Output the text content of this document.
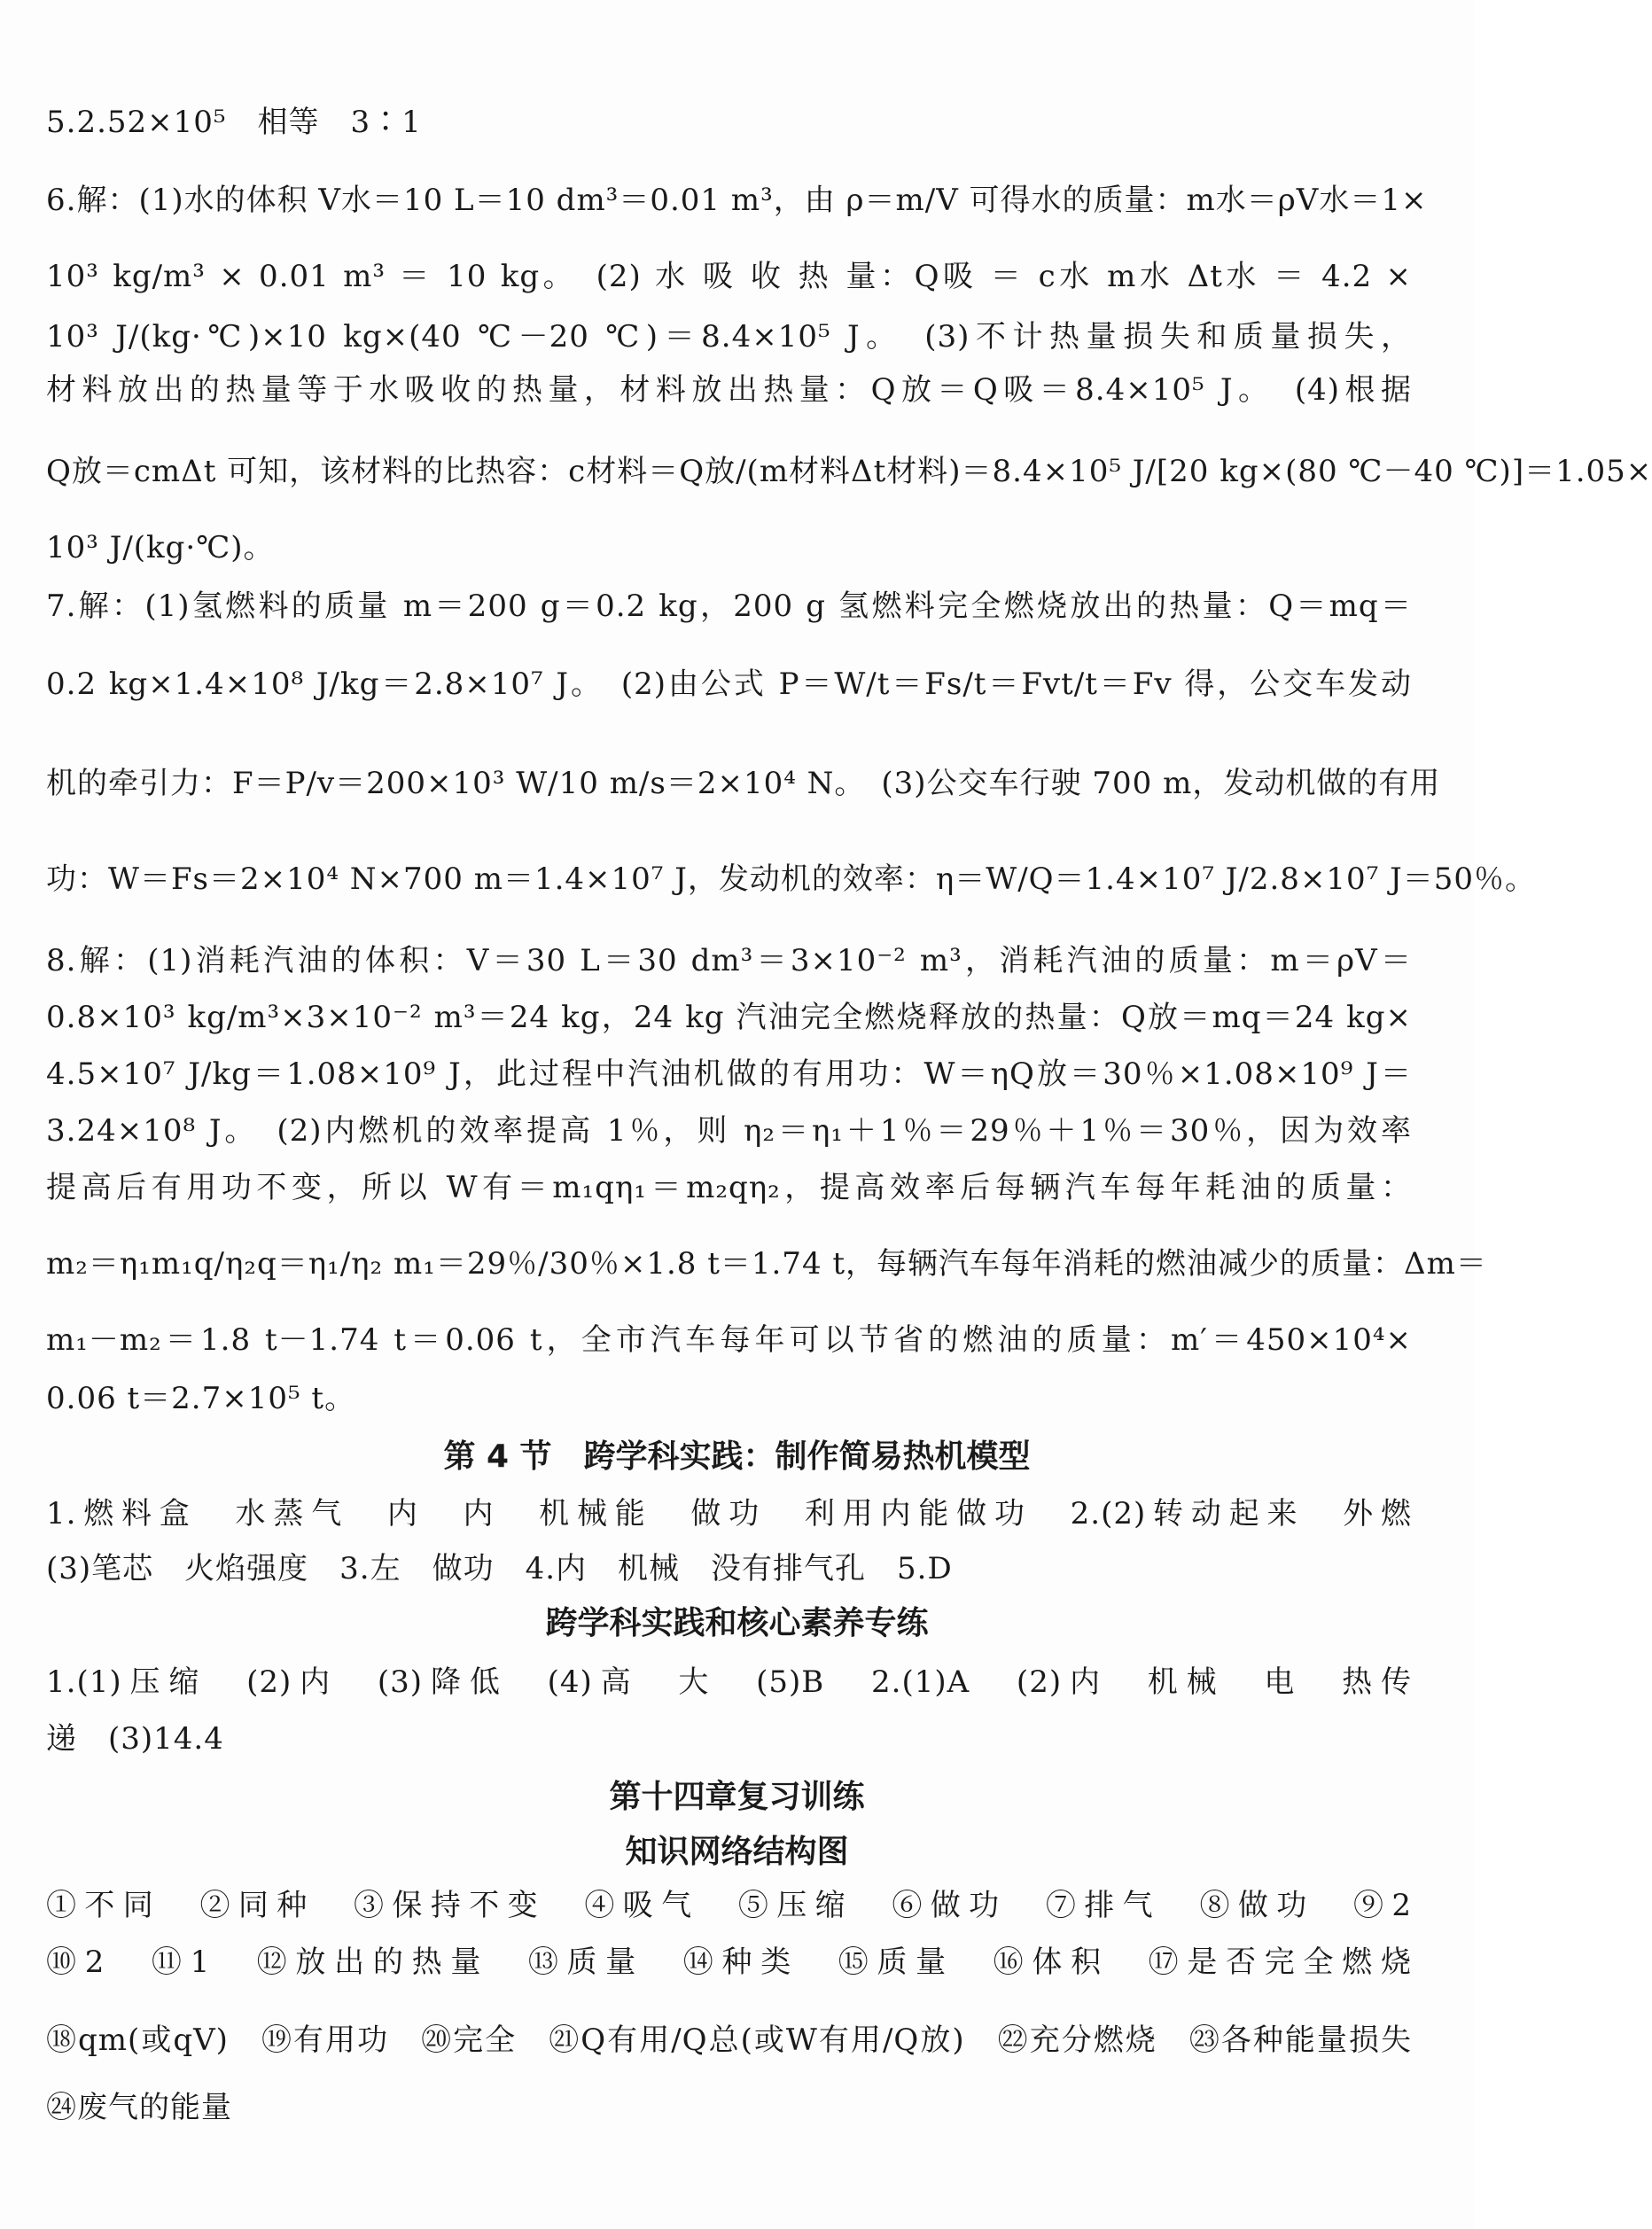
5.2.52×10⁵　相等　3∶1
6.解：(1)水的体积 V水＝10 L＝10 dm³＝0.01 m³，由 ρ＝m/V 可得水的质量：m水＝ρV水＝1×
10³ kg/m³ × 0.01 m³ ＝ 10 kg。　(2) 水 吸 收 热 量：Q吸 ＝ c水 m水 Δt水 ＝ 4.2 ×
10³ J/(kg·℃)×10 kg×(40 ℃－20 ℃)＝8.4×10⁵ J。　(3)不计热量损失和质量损失，
材料放出的热量等于水吸收的热量，材料放出热量：Q放＝Q吸＝8.4×10⁵ J。　(4)根据
Q放＝cmΔt 可知，该材料的比热容：c材料＝Q放/(m材料Δt材料)＝8.4×10⁵ J/[20 kg×(80 ℃－40 ℃)]＝1.05×
10³ J/(kg·℃)。
7.解：(1)氢燃料的质量 m＝200 g＝0.2 kg，200 g 氢燃料完全燃烧放出的热量：Q＝mq＝
0.2 kg×1.4×10⁸ J/kg＝2.8×10⁷ J。　(2)由公式 P＝W/t＝Fs/t＝Fvt/t＝Fv 得，公交车发动
机的牵引力：F＝P/v＝200×10³ W/10 m/s＝2×10⁴ N。　(3)公交车行驶 700 m，发动机做的有用
功：W＝Fs＝2×10⁴ N×700 m＝1.4×10⁷ J，发动机的效率：η＝W/Q＝1.4×10⁷ J/2.8×10⁷ J＝50％。
8.解：(1)消耗汽油的体积：V＝30 L＝30 dm³＝3×10⁻² m³，消耗汽油的质量：m＝ρV＝
0.8×10³ kg/m³×3×10⁻² m³＝24 kg，24 kg 汽油完全燃烧释放的热量：Q放＝mq＝24 kg×
4.5×10⁷ J/kg＝1.08×10⁹ J，此过程中汽油机做的有用功：W＝ηQ放＝30％×1.08×10⁹ J＝
3.24×10⁸ J。　(2)内燃机的效率提高 1％，则 η₂＝η₁＋1％＝29％＋1％＝30％，因为效率
提高后有用功不变，所以 W有＝m₁qη₁＝m₂qη₂，提高效率后每辆汽车每年耗油的质量：
m₂＝η₁m₁q/η₂q＝η₁/η₂ m₁＝29％/30％×1.8 t＝1.74 t，每辆汽车每年消耗的燃油减少的质量：Δm＝
m₁－m₂＝1.8 t－1.74 t＝0.06 t，全市汽车每年可以节省的燃油的质量：m′＝450×10⁴×
0.06 t＝2.7×10⁵ t。
第 4 节　跨学科实践：制作简易热机模型
1.燃料盒　水蒸气　内　内　机械能　做功　利用内能做功　2.(2)转动起来　外燃
(3)笔芯　火焰强度　3.左　做功　4.内　机械　没有排气孔　5.D
跨学科实践和核心素养专练
1.(1)压缩　(2)内　(3)降低　(4)高　大　(5)B　2.(1)A　(2)内　机械　电　热传
递　(3)14.4
第十四章复习训练
知识网络结构图
①不同　②同种　③保持不变　④吸气　⑤压缩　⑥做功　⑦排气　⑧做功　⑨2
⑩2　⑪1　⑫放出的热量　⑬质量　⑭种类　⑮质量　⑯体积　⑰是否完全燃烧
⑱qm(或qV)　⑲有用功　⑳完全　㉑Q有用/Q总(或W有用/Q放)　㉒充分燃烧　㉓各种能量损失
㉔废气的能量
